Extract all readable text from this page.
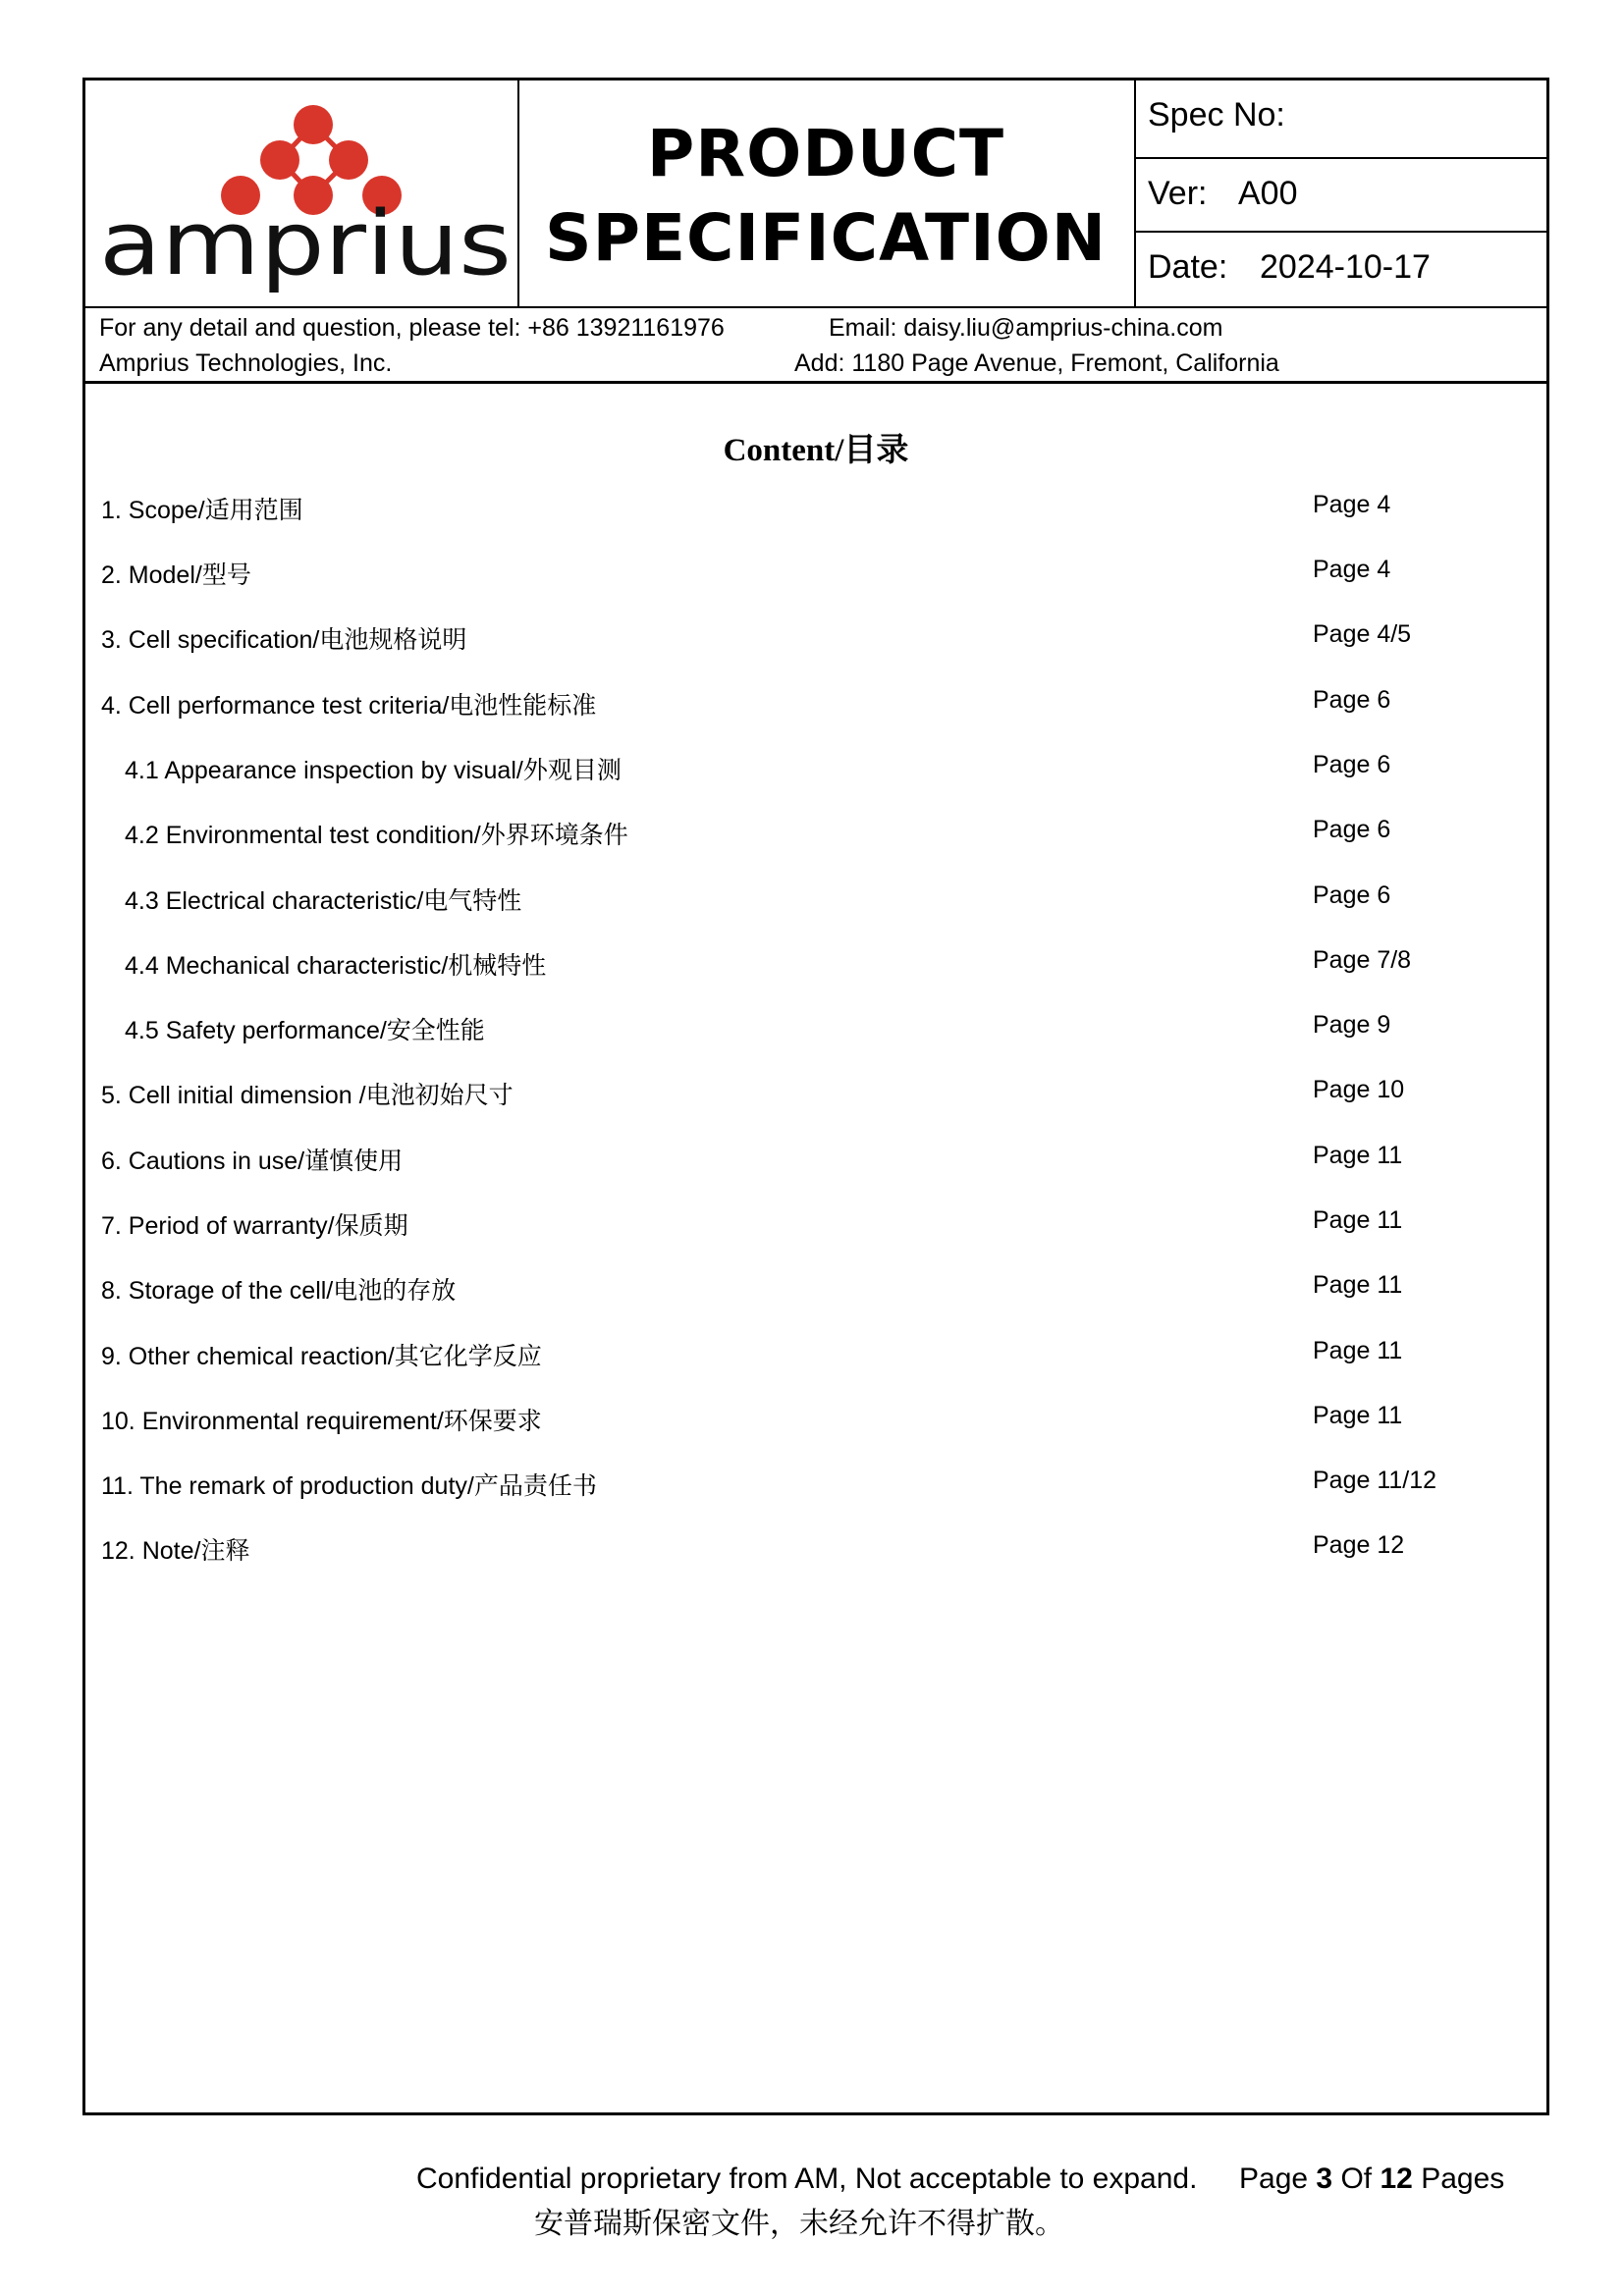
amprius
PRODUCT
SPECIFICATION
Spec No:
Ver: A00
Date: 2024-10-17
For any detail and question, please tel: +86 13921161976	Email: daisy.liu@amprius-china.com
Amprius Technologies, Inc.	Add: 1180 Page Avenue, Fremont, California
Content/目录
1. Scope/适用范围	Page 4
2. Model/型号	Page 4
3. Cell specification/电池规格说明	Page 4/5
4. Cell performance test criteria/电池性能标准	Page 6
4.1 Appearance inspection by visual/外观目测	Page 6
4.2 Environmental test condition/外界环境条件	Page 6
4.3 Electrical characteristic/电气特性	Page 6
4.4 Mechanical characteristic/机械特性	Page 7/8
4.5 Safety performance/安全性能	Page 9
5. Cell initial dimension /电池初始尺寸	Page 10
6. Cautions in use/谨慎使用	Page 11
7. Period of warranty/保质期	Page 11
8. Storage of the cell/电池的存放	Page 11
9. Other chemical reaction/其它化学反应	Page 11
10. Environmental requirement/环保要求	Page 11
11. The remark of production duty/产品责任书	Page 11/12
12. Note/注释	Page 12
Confidential proprietary from AM, Not acceptable to expand. Page 3 Of 12 Pages
安普瑞斯保密文件，未经允许不得扩散。
